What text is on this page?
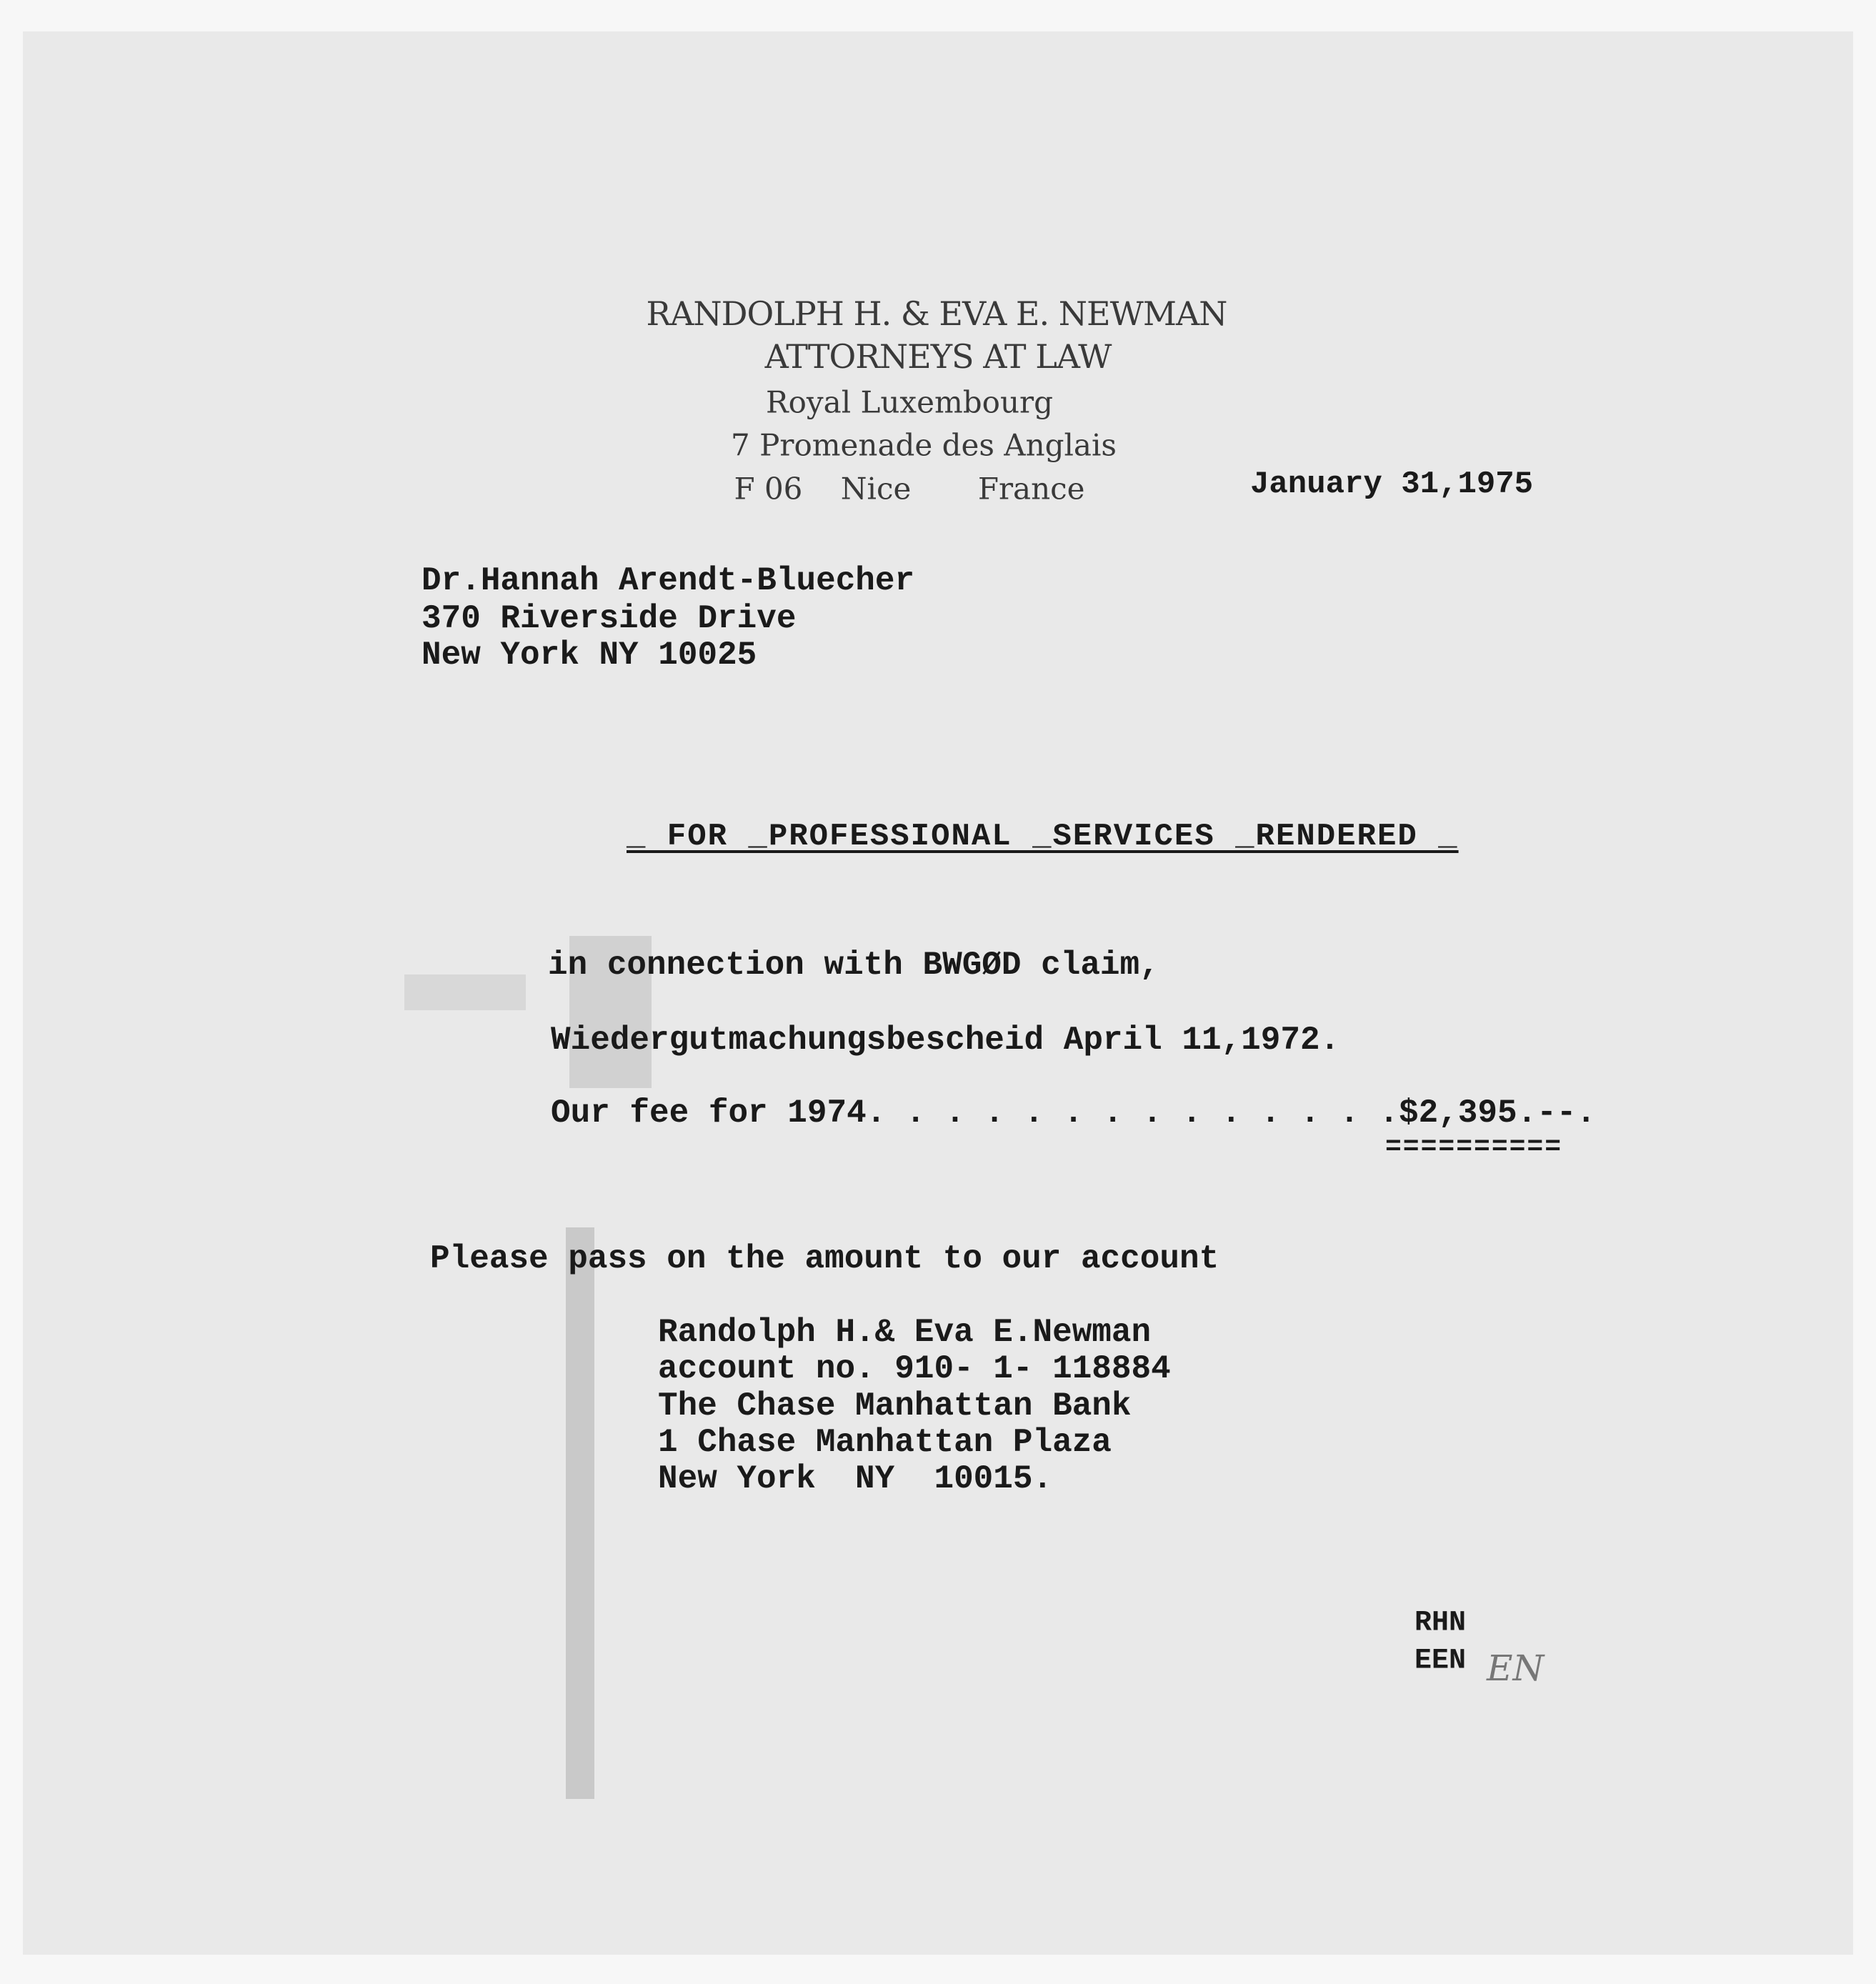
RANDOLPH H. & EVA E. NEWMAN
ATTORNEYS AT LAW
Royal Luxembourg
7 Promenade des Anglais
F 06    Nice       France	January 31,1975
Dr.Hannah Arendt-Bluecher
370 Riverside Drive
New York NY 10025
_ FOR _PROFESSIONAL _SERVICES _RENDERED _
in connection with BWGØD claim,
Wiedergutmachungsbescheid April 11,1972.
Our fee for 1974. . . . . . . . . . . . . .$2,395.--.
==========
Please pass on the amount to our account
Randolph H.& Eva E.Newman
account no. 910- 1- 118884
The Chase Manhattan Bank
1 Chase Manhattan Plaza
New York  NY  10015.
RHN
EEN EN
